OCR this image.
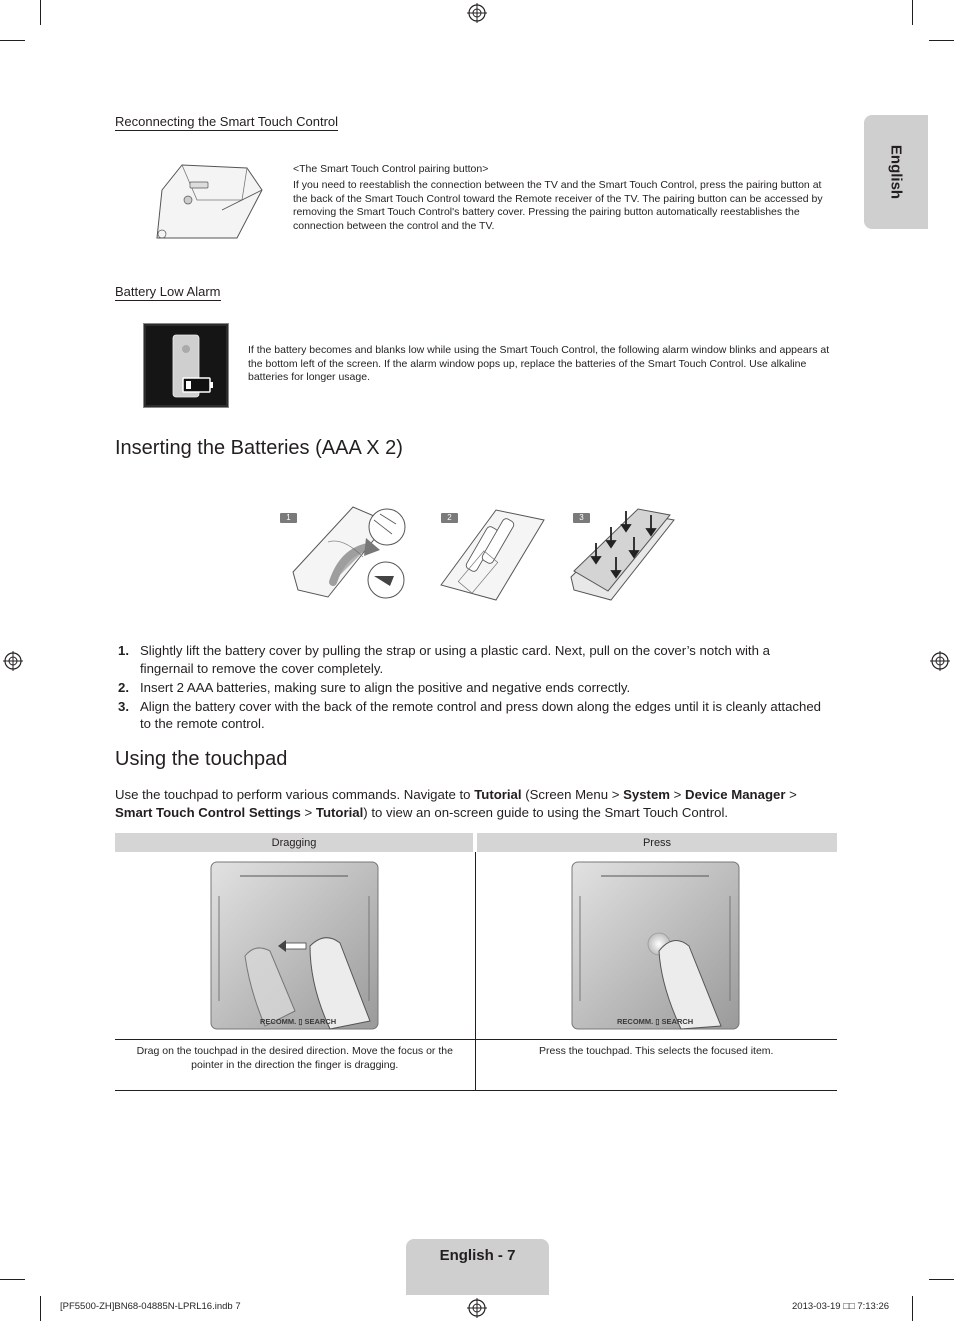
English
Reconnecting the Smart Touch Control
<The Smart Touch Control pairing button>
If you need to reestablish the connection between the TV and the Smart Touch Control, press the pairing button at the back of the Smart Touch Control toward the Remote receiver of the TV. The pairing button can be accessed by removing the Smart Touch Control's battery cover. Pressing the pairing button automatically reestablishes the connection between the control and the TV.
Battery Low Alarm
If the battery becomes and blanks low while using the Smart Touch Control, the following alarm window blinks and appears at the bottom left of the screen. If the alarm window pops up, replace the batteries of the Smart Touch Control. Use alkaline batteries for longer usage.
Inserting the Batteries (AAA X 2)
1	2	3
1. Slightly lift the battery cover by pulling the strap or using a plastic card. Next, pull on the cover’s notch with a fingernail to remove the cover completely.
2. Insert 2 AAA batteries, making sure to align the positive and negative ends correctly.
3. Align the battery cover with the back of the remote control and press down along the edges until it is cleanly attached to the remote control.
Using the touchpad
Use the touchpad to perform various commands. Navigate to Tutorial (Screen Menu > System > Device Manager > Smart Touch Control Settings > Tutorial) to view an on-screen guide to using the Smart Touch Control.
Dragging	Press

RECOMM. ▯ SEARCH

Drag on the touchpad in the desired direction. Move the focus or the pointer in the direction the finger is dragging.	Press the touchpad. This selects the focused item.
RECOMM. ▯ SEARCH
English - 7
[PF5500-ZH]BN68-04885N-LPRL16.indb 7	2013-03-19 □□ 7:13:26
